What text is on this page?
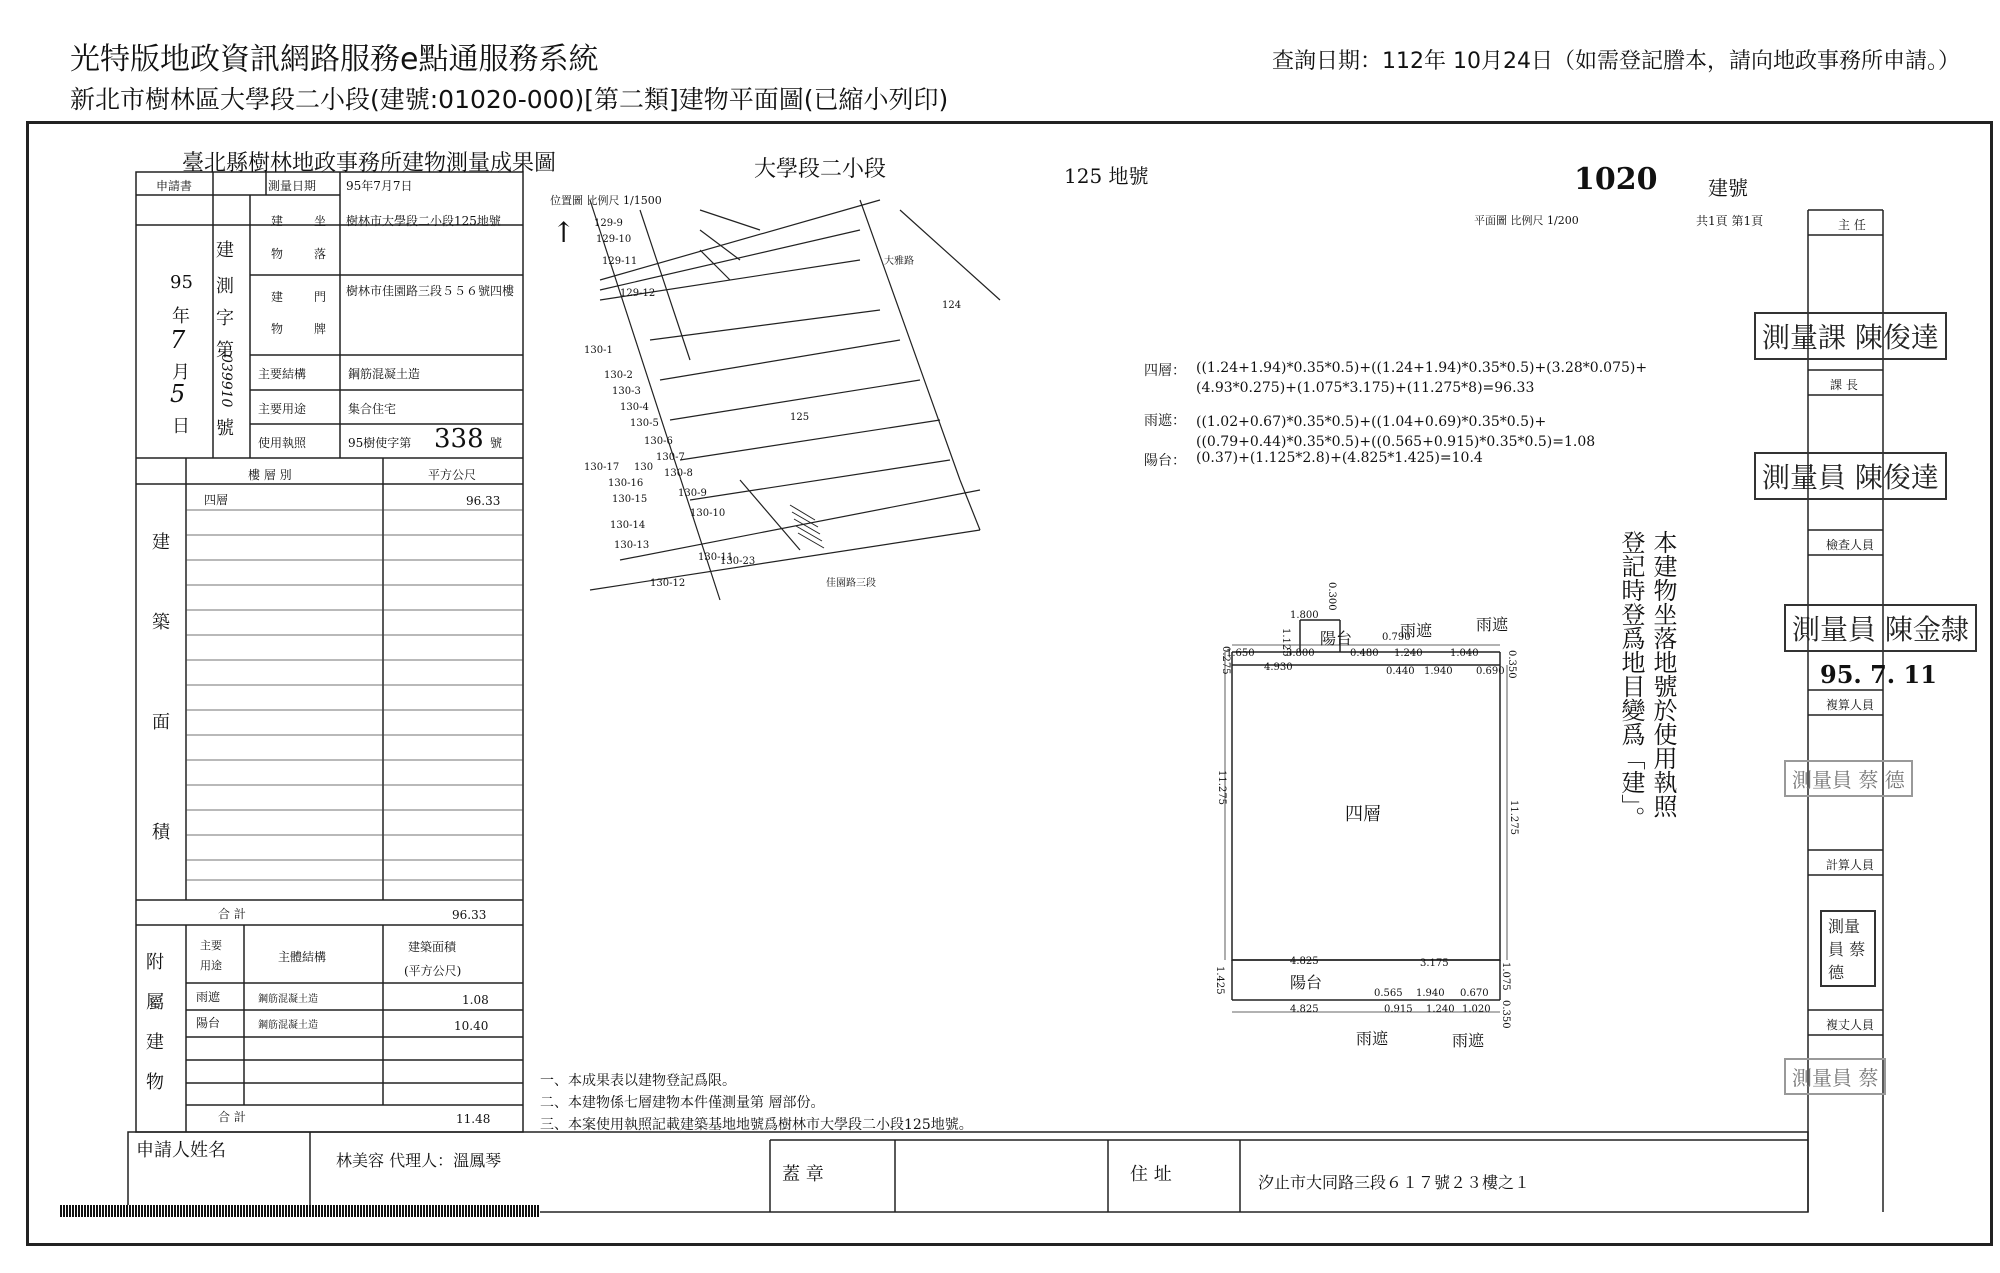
光特版地政資訊網路服務e點通服務系統
新北市樹林區大學段二小段(建號:01020-000)[第二類]建物平面圖(已縮小列印)
查詢日期：112年 10月24日（如需登記謄本，請向地政事務所申請。）
臺北縣樹林地政事務所建物測量成果圖	大學段二小段	125 地號	1020	建號
位置圖 比例尺 1/1500
平面圖 比例尺 1/200	共1頁 第1頁
申請書	測量日期 95年7月7日
建	坐
物	落
樹林市大學段二小段125地號
建	門
物	牌
樹林市佳園路三段５５６號四樓
主要結構	鋼筋混凝土造
主要用途	集合住宅
使用執照	95樹使字第 338 號
95
年
7
月
5
日
建
測
字
第
039910
號
樓 層 別	平方公尺
四層	96.33
建
築
面
積
合 計	96.33
附
屬
建
物
主要用途
主體結構
建築面積
(平方公尺)
雨遮	鋼筋混凝土造	1.08
陽台	鋼筋混凝土造	10.40
合 計	11.48
大雅路
佳園路三段
125
124
129-9
129-10
129-11
129-12
130-1
130-2
130-3
130-4
130-5
130-6
130-7
130-8
130-9
130-10
130-11
130-12
130-13
130-14
130-15
130-16
130-17 130
130-23
↑
四層： ((1.24+1.94)*0.35*0.5)+((1.24+1.94)*0.35*0.5)+(3.28*0.075)+
(4.93*0.275)+(1.075*3.175)+(11.275*8)=96.33
雨遮： ((1.02+0.67)*0.35*0.5)+((1.04+0.69)*0.35*0.5)+
((0.79+0.44)*0.35*0.5)+((0.565+0.915)*0.35*0.5)=1.08
陽台： (0.37)+(1.125*2.8)+(4.825*1.425)=10.4
本建物坐落地號於使用執照
登記時登爲地目變爲「建」。
四層
陽台	雨遮	雨遮
陽台
雨遮	雨遮
1.650	3.800	0.480 1.240	1.040
4.930	0.440 1.940 0.690
0.790
1.800
11.275
11.275
0.275
1.125
0.350
0.300
4.825	3.175
0.565 1.940 0.670
4.825	0.915 1.240 1.020
1.425	1.075
0.350
一、本成果表以建物登記爲限。
二、本建物係七層建物本件僅測量第 層部份。
三、本案使用執照記載建築基地地號爲樹林市大學段二小段125地號。
主 任
課 長
檢查人員
複算人員
計算人員
複丈人員
測量課 陳俊達
測量員 陳俊達
測量員 陳金隸
95. 7. 11
測量員 蔡 德
測量員 蔡德
測量員 蔡
申請人姓名	林美容 代理人：溫鳳琴
蓋 章	住 址	汐止市大同路三段６１７號２３樓之１
